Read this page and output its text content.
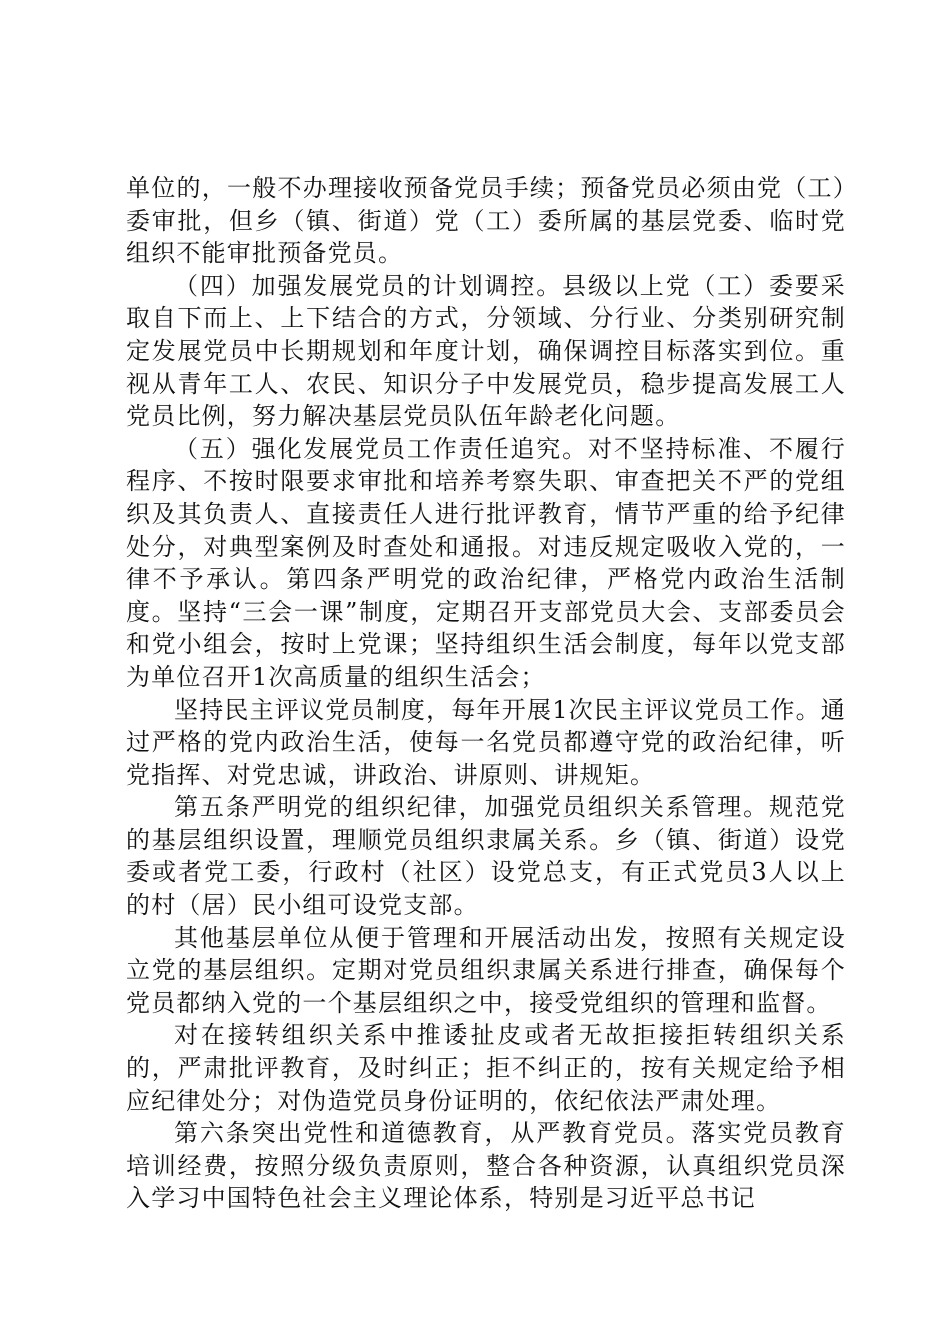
单位的，一般不办理接收预备党员手续；预备党员必须由党（工）委审批，但乡（镇、街道）党（工）委所属的基层党委、临时党组织不能审批预备党员。

（四）加强发展党员的计划调控。县级以上党（工）委要采取自下而上、上下结合的方式，分领域、分行业、分类别研究制定发展党员中长期规划和年度计划，确保调控目标落实到位。重视从青年工人、农民、知识分子中发展党员，稳步提高发展工人党员比例，努力解决基层党员队伍年龄老化问题。

（五）强化发展党员工作责任追究。对不坚持标准、不履行程序、不按时限要求审批和培养考察失职、审查把关不严的党组织及其负责人、直接责任人进行批评教育，情节严重的给予纪律处分，对典型案例及时查处和通报。对违反规定吸收入党的，一律不予承认。第四条严明党的政治纪律，严格党内政治生活制度。坚持“三会一课”制度，定期召开支部党员大会、支部委员会和党小组会，按时上党课；坚持组织生活会制度，每年以党支部为单位召开1次高质量的组织生活会；

坚持民主评议党员制度，每年开展1次民主评议党员工作。通过严格的党内政治生活，使每一名党员都遵守党的政治纪律，听党指挥、对党忠诚，讲政治、讲原则、讲规矩。

第五条严明党的组织纪律，加强党员组织关系管理。规范党的基层组织设置，理顺党员组织隶属关系。乡（镇、街道）设党委或者党工委，行政村（社区）设党总支，有正式党员3人以上的村（居）民小组可设党支部。

其他基层单位从便于管理和开展活动出发，按照有关规定设立党的基层组织。定期对党员组织隶属关系进行排查，确保每个党员都纳入党的一个基层组织之中，接受党组织的管理和监督。

对在接转组织关系中推诿扯皮或者无故拒接拒转组织关系的，严肃批评教育，及时纠正；拒不纠正的，按有关规定给予相应纪律处分；对伪造党员身份证明的，依纪依法严肃处理。

第六条突出党性和道德教育，从严教育党员。落实党员教育培训经费，按照分级负责原则，整合各种资源，认真组织党员深入学习中国特色社会主义理论体系，特别是习近平总书记
